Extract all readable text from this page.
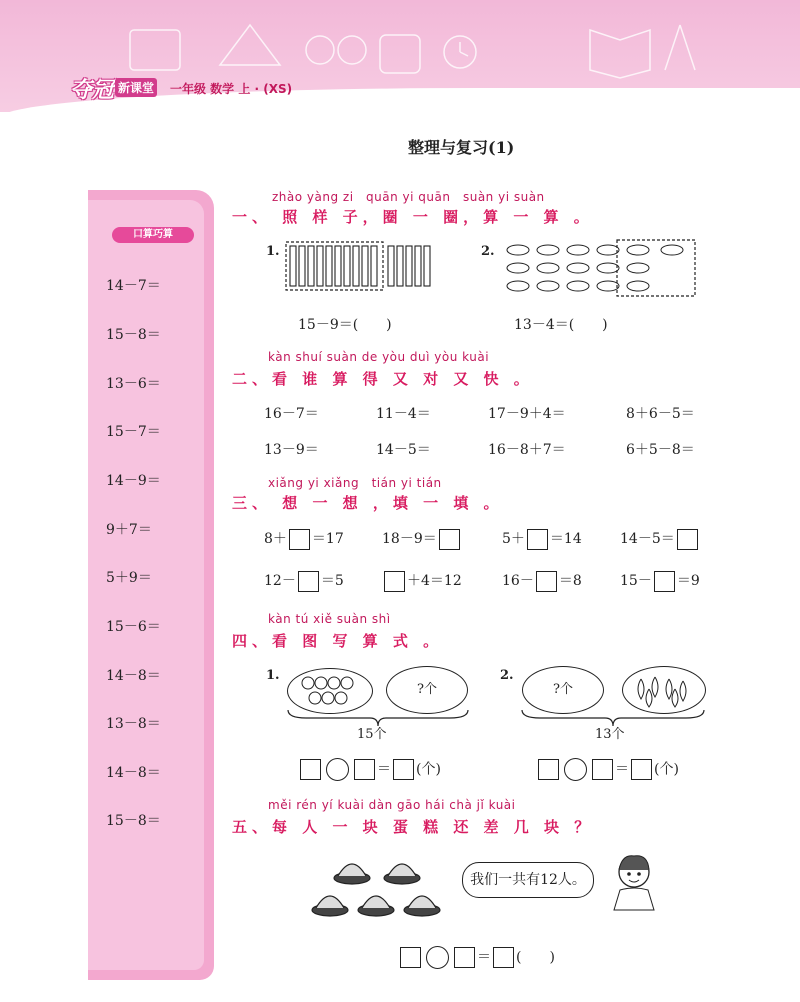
夺冠 新课堂 一年级 数学 上 · (XS)
整理与复习(1)
口算巧算
14－7＝
15－8＝
13－6＝
15－7＝
14－9＝
9＋7＝
5＋9＝
15－6＝
14－8＝
13－8＝
14－8＝
15－8＝
zhào yàng zi　quān yi quān　suàn yi suàn
一、 照 样 子，圈 一 圈，算 一 算 。
1.
15－9＝(　　)
2.
13－4＝(　　)
kàn shuí suàn de yòu duì yòu kuài
二、看 谁 算 得 又 对 又 快 。
16－7＝	11－4＝	17－9＋4＝	8＋6－5＝
13－9＝	14－5＝	16－8＋7＝	6＋5－8＝
xiǎng yi xiǎng　tián yi tián
三、 想 一 想 ，填 一 填 。
8＋ ＝17	18－9＝	5＋ ＝14	14－5＝
12－ ＝5	＋4＝12	16－ ＝8	15－ ＝9
kàn tú xiě suàn shì
四、看 图 写 算 式 。
1.
?个
15个
＝ (个)
2.
?个
13个
＝ (个)
měi rén yí kuài dàn gāo hái chà jǐ kuài
五、每 人 一 块 蛋 糕 还 差 几 块 ？
我们一共有12人。
＝ (　　)
